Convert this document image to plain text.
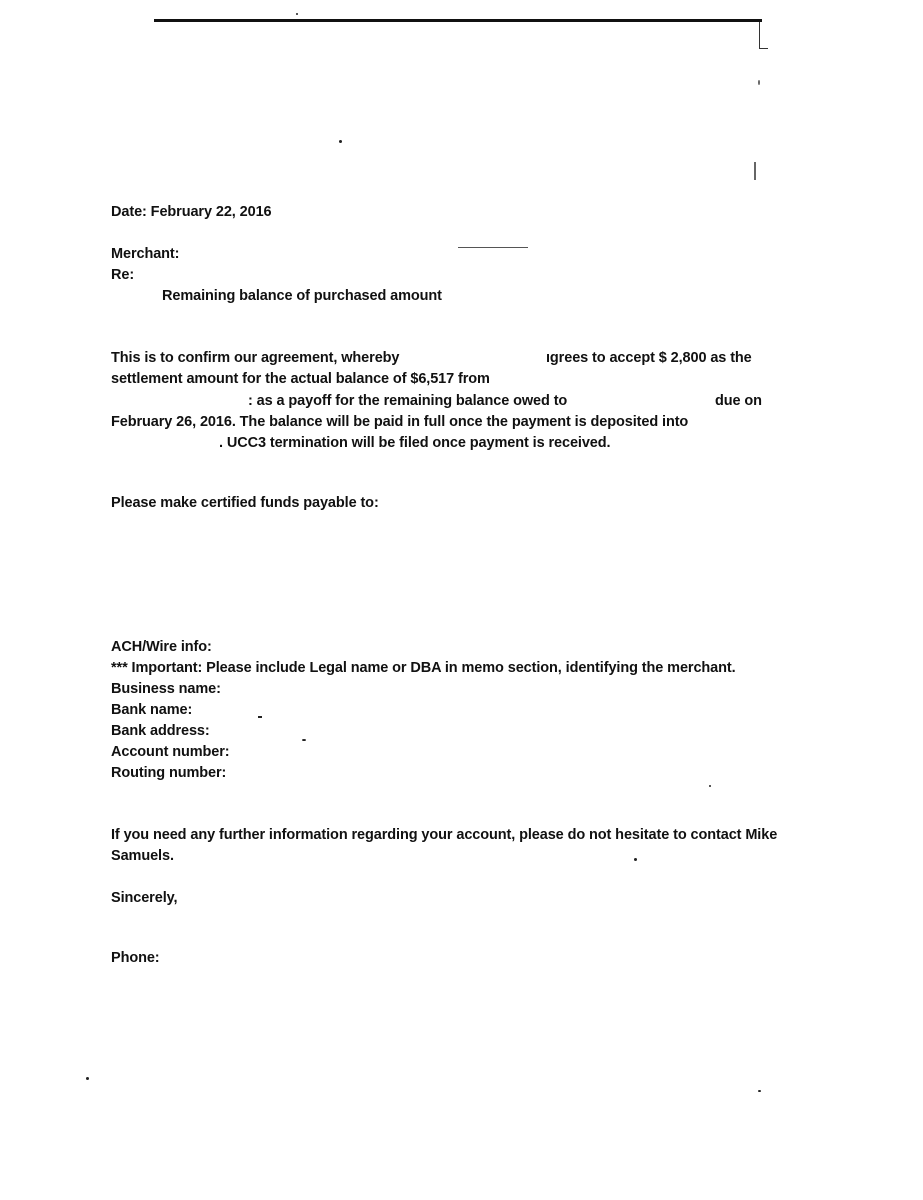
Date: February 22, 2016
Merchant:
Re:
Remaining balance of purchased amount
This is to confirm our agreement, whereby	ıgrees to accept $ 2,800 as the
settlement amount for the actual balance of $6,517 from
: as a payoff for the remaining balance owed to	due on
February 26, 2016. The balance will be paid in full once the payment is deposited into
. UCC3 termination will be filed once payment is received.
Please make certified funds payable to:
ACH/Wire info:
*** Important: Please include Legal name or DBA in memo section, identifying the merchant.
Business name:
Bank name:
Bank address:
Account number:
Routing number:
If you need any further information regarding your account, please do not hesitate to contact Mike
Samuels.
Sincerely,
Phone:
